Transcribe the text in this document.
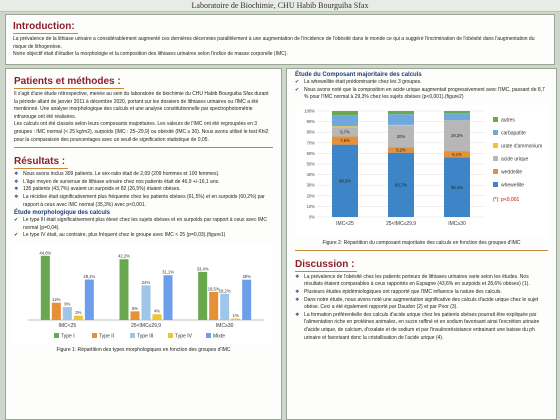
Laboratoire de Biochimie, CHU Habib Bourguiba Sfax
Introduction:

La prévalence de la lithiase urinaire a considérablement augmenté ces dernières décennies parallèlement à une augmentation de l'incidence de l'obésité dans le monde ce qui a suggéré l'incrimination de l'obésité dans l'augmentation du risque de lithogenèse.

Notre objectif était d'étudier la morphologie et la composition des lithiases urinaires selon l'indice de masse corporelle (IMC).

Patients et méthodes :

Il s'agit d'une étude rétrospective, menée au sein du laboratoire de biochimie du CHU Habib Bourguiba Sfax durant la période allant de janvier 2011 à décembre 2020, portant sur les dossiers de lithiases urinaires ou l'IMC a été mentionné. Une analyse morphologique des calculs et une analyse constitutionnelle par spectrophotométrie infrarouge ont été réalisées.

Les calculs ont été classés selon leurs composants majoritaires. Les valeurs de l'IMC ont été regroupées en 3 groupes : IMC normal (< 25 kg/m2), surpoids (IMC : 25–29,9) ou obésité (IMC ≥ 30). Nous avons utilisé le test Khi2 pour la comparaison des pourcentages avec un seuil de signification statistique de 0,05.

Résultats :
❖ Nous avons inclus 309 patients. Le sex-ratio était de 2,09 (209 hommes et 100 femmes).
❖ L'âge moyen de survenue de lithiase urinaire chez nos patients était de 46,9 +/-16,1 ans.
❖ 135 patients (43,7%) avaient un surpoids et 82 (26,5%) étaient obèses.
❖ La récidive était significativement plus fréquente chez les patients obèses (61,5%) et en surpoids (60,2%) par rapport à ceux avec IMC normal (35,3%) avec p<0,001.
Étude morphologique des calculs
✔ Le type III était significativement plus élevé chez les sujets obèses et en surpoids par rapport à ceux avec IMC normal (p=0,04).
✔ Le type IV était, au contraire, plus fréquent chez le groupe avec IMC < 25 (p=0,03).(figure1)
44,6%
12%
9%
3%
28,1%
IMC<25
42,2%
6%
24%
4%
31,1%
25<IMC≤29,9
33,4%
19,5% 18,2%
1%
28%
IMC≥30
Type I	Type II	Type III	Type IV	Mixte
Figure 1: Répartition des types morphologiques en fonction des groupes d'IMC
Étude du Composant majoritaire des calculs
✔ La whewellite était prédominante chez les 3 groupes.
✔ Nous avons noté que la composition en acide urique augmentait progressivement avec l'IMC, passant de 8,7 % pour l'IMC normal à 29,3% chez les sujets obèses (p<0,001).(figure2)
0%
10%
20%
30%
40%
50%
60%
70%
80%
90%
100%
68,3%
7,6%
8,7%
IMC<25
60,7%
5,2%
20%
25<IMC≤29,9
56,1%
6,1%
29,3%
IMC≥30
autres
carbapatite
urate d'ammonium
acide urique
weddelite
whewellite
(*): p<0,001
Figure 2: Répartition du composant majoritaire des calculs en fonction des groupes d'IMC
Discussion :
❖ La prévalence de l'obésité chez les patients porteurs de lithiases urinaires varie selon les études. Nos résultats étaient comparables à ceux rapportés en Espagne (43,6% en surpoids et 28,6% obèses) (1).
❖ Plusieurs études épidémiologiques ont rapporté que l'IMC influence la nature des calculs.
❖ Dans notre étude, nous avons noté une augmentation significative des calculs d'acide urique chez le sujet obèse. Ceci a été également rapporté par Daudon (2) et par Poor (3).
❖ La formation préférentielle des calculs d'acide urique chez les patients obèses pourrait être expliquée par l'alimentation riche en protéines animales, en sucre raffiné et en sodium favorisant ainsi l'excrétion urinaire d'acide urique, de calcium, d'oxalate et de sodium et par l'insulinorésistance entrainant une baisse du ph urinaire et favorisant donc la cristallisation de l'acide urique (4).
